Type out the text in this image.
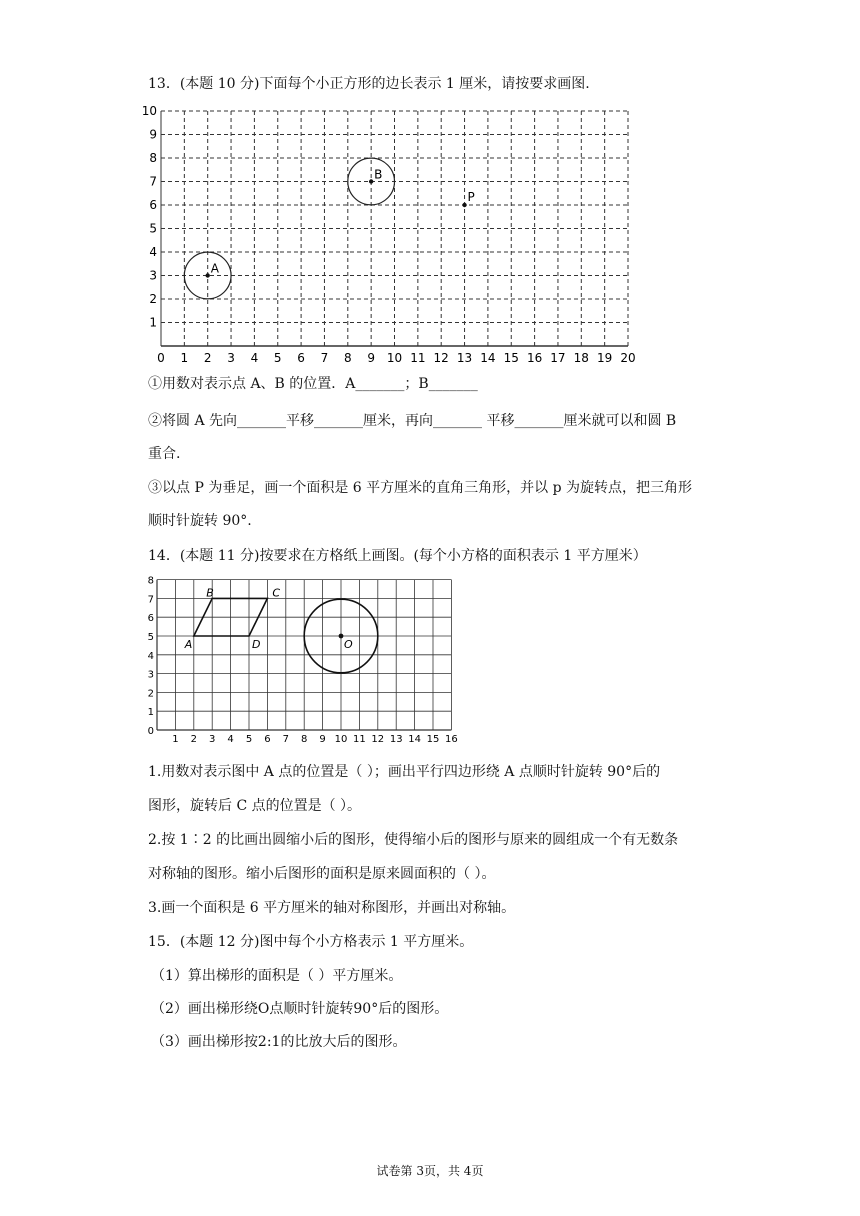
13．(本题 10 分)下面每个小正方形的边长表示 1 厘米，请按要求画图.
0 1 2 3 4 5 6 7 8 9 10 11 12 13 14 15 16 17 18 19 20
1
2
3
4
5
6
7
8
9
10
A
B
P
①用数对表示点 A、B 的位置．A_______；B_______
②将圆 A 先向_______平移_______厘米，再向_______ 平移_______厘米就可以和圆 B
重合.
③以点 P 为垂足，画一个面积是 6 平方厘米的直角三角形，并以 p 为旋转点，把三角形
顺时针旋转 90°.
14．(本题 11 分)按要求在方格纸上画图。(每个小方格的面积表示 1 平方厘米）
1 2 3 4 5 6 7 8 9 10 11 12 13 14 15 16
0
1
2
3
4
5
6
7
8
A
B	C
D	O
1.用数对表示图中 A 点的位置是（ ）；画出平行四边形绕 A 点顺时针旋转 90°后的
图形，旋转后 C 点的位置是（ ）。
2.按 1∶2 的比画出圆缩小后的图形，使得缩小后的图形与原来的圆组成一个有无数条
对称轴的图形。缩小后图形的面积是原来圆面积的（ ）。
3.画一个面积是 6 平方厘米的轴对称图形，并画出对称轴。
15．(本题 12 分)图中每个小方格表示 1 平方厘米。
（1）算出梯形的面积是（ ）平方厘米。
（2）画出梯形绕O点顺时针旋转90°后的图形。
（3）画出梯形按2:1的比放大后的图形。
试卷第 3页，共 4页
